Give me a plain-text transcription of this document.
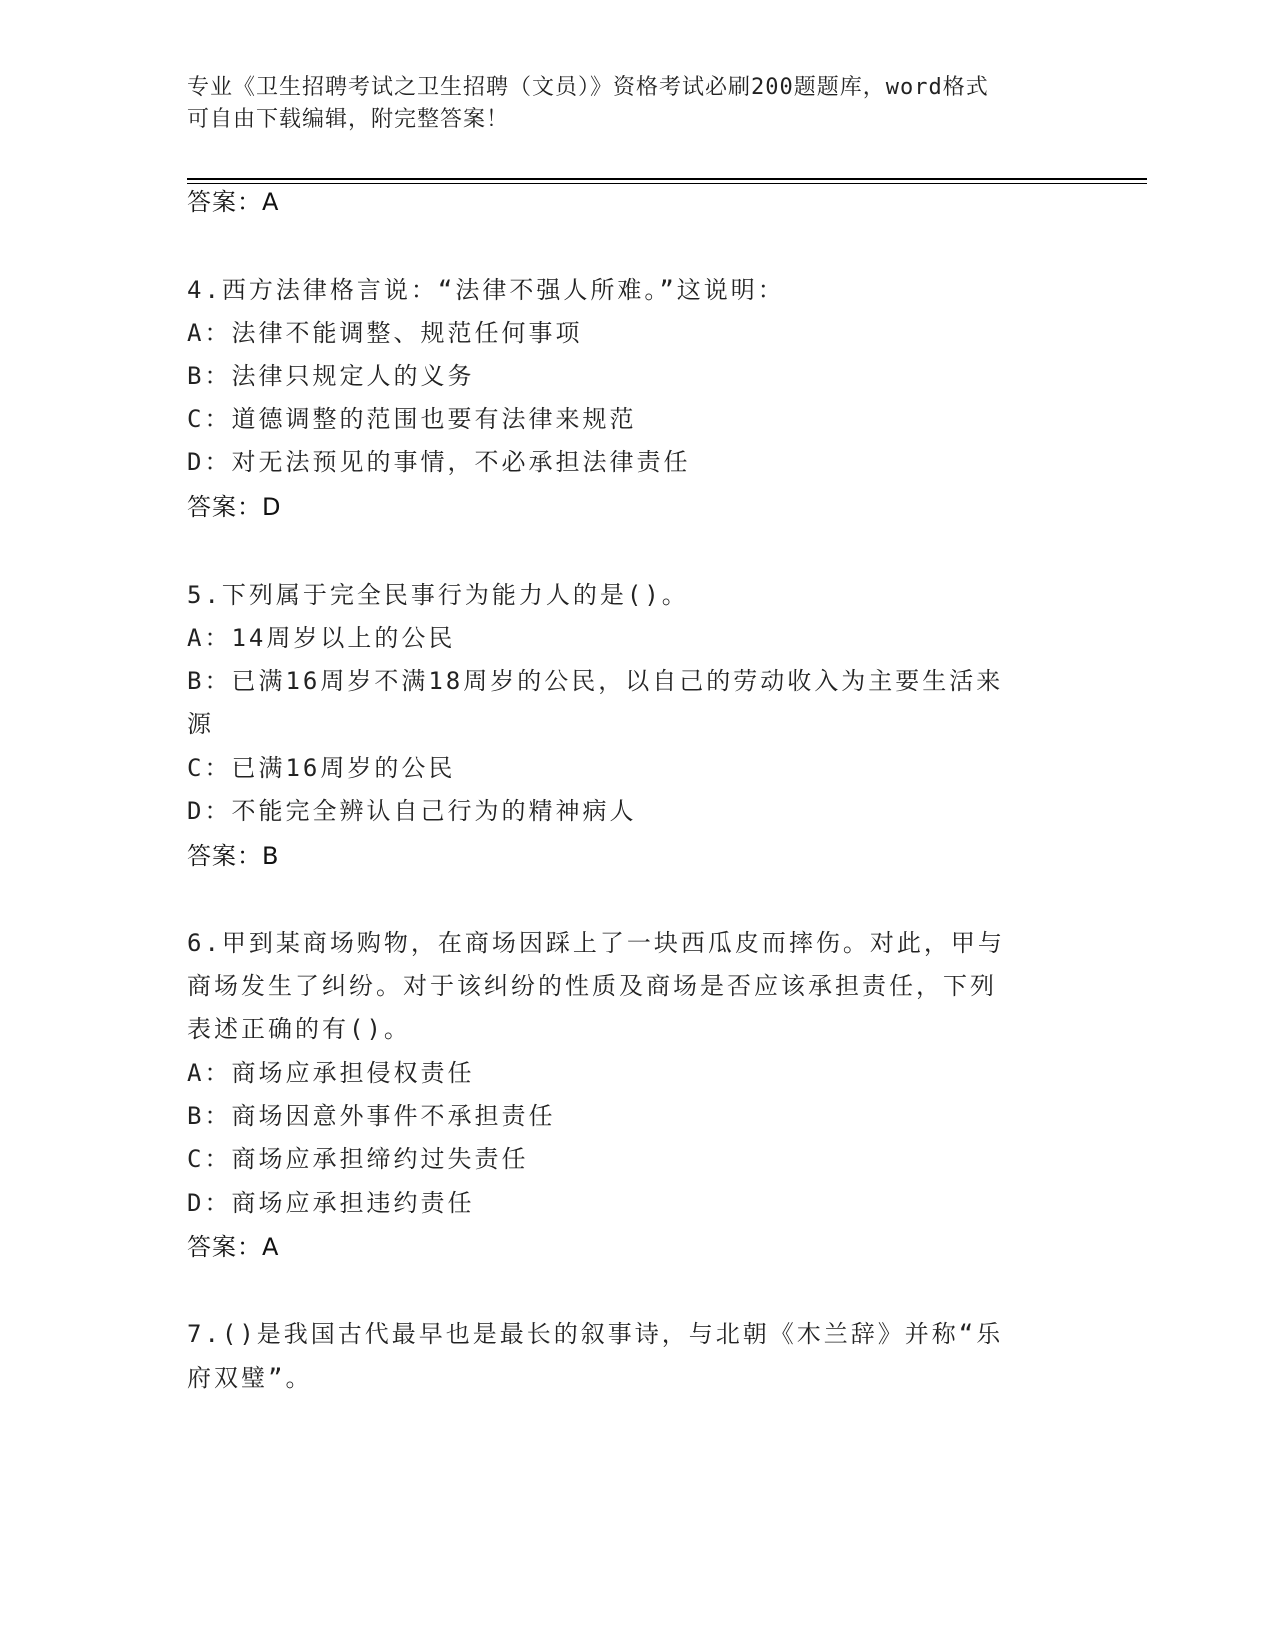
专业《卫生招聘考试之卫生招聘（文员）》资格考试必刷200题题库，word格式
可自由下载编辑，附完整答案！
答案：A
4.西方法律格言说：“法律不强人所难。”这说明：
A：法律不能调整、规范任何事项
B：法律只规定人的义务
C：道德调整的范围也要有法律来规范
D：对无法预见的事情，不必承担法律责任
答案：D
5.下列属于完全民事行为能力人的是()。
A：14周岁以上的公民
B：已满16周岁不满18周岁的公民，以自己的劳动收入为主要生活来
源
C：已满16周岁的公民
D：不能完全辨认自己行为的精神病人
答案：B
6.甲到某商场购物，在商场因踩上了一块西瓜皮而摔伤。对此，甲与
商场发生了纠纷。对于该纠纷的性质及商场是否应该承担责任，下列
表述正确的有()。
A：商场应承担侵权责任
B：商场因意外事件不承担责任
C：商场应承担缔约过失责任
D：商场应承担违约责任
答案：A
7.()是我国古代最早也是最长的叙事诗，与北朝《木兰辞》并称“乐
府双璧”。
